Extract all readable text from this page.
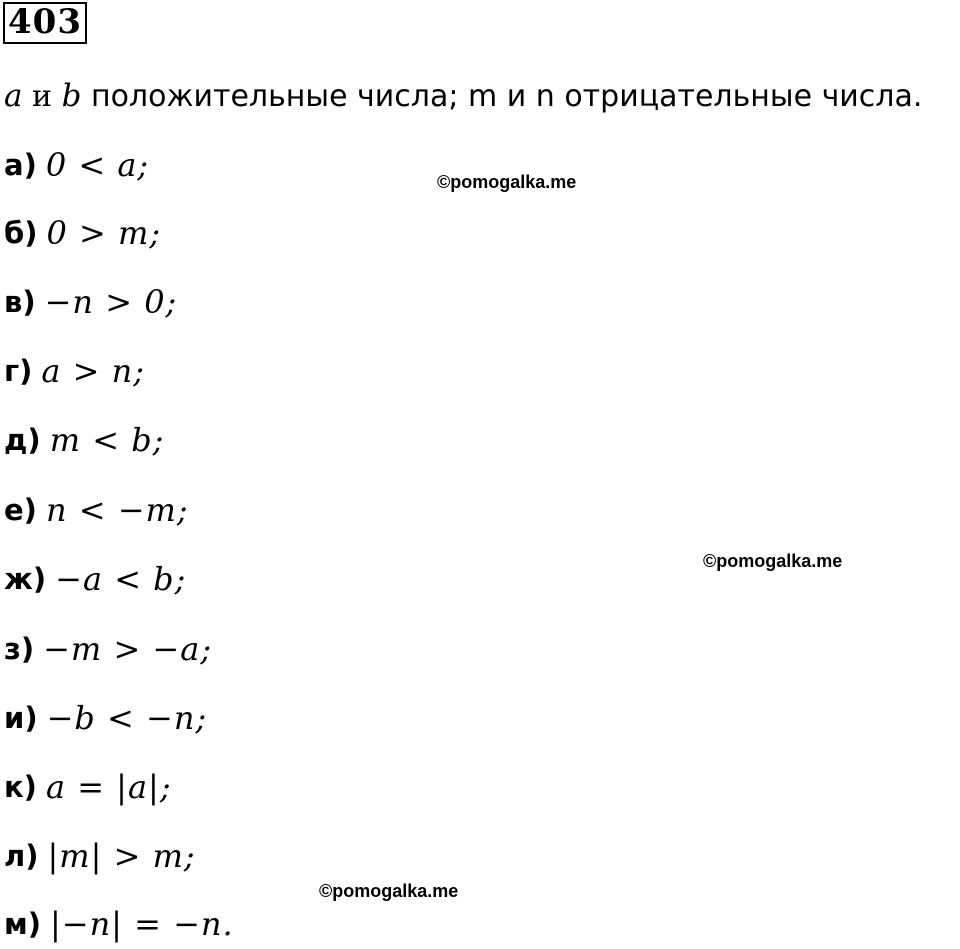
403
a и b положительные числа; m и n отрицательные числа.
а) 0 < a;
б) 0 > m;
в) −n > 0;
г) a > n;
д) m < b;
е) n < −m;
ж) −a < b;
з) −m > −a;
и) −b < −n;
к) a = |a|;
л) |m| > m;
м) |−n| = −n.
©pomogalka.me
©pomogalka.me
©pomogalka.me
